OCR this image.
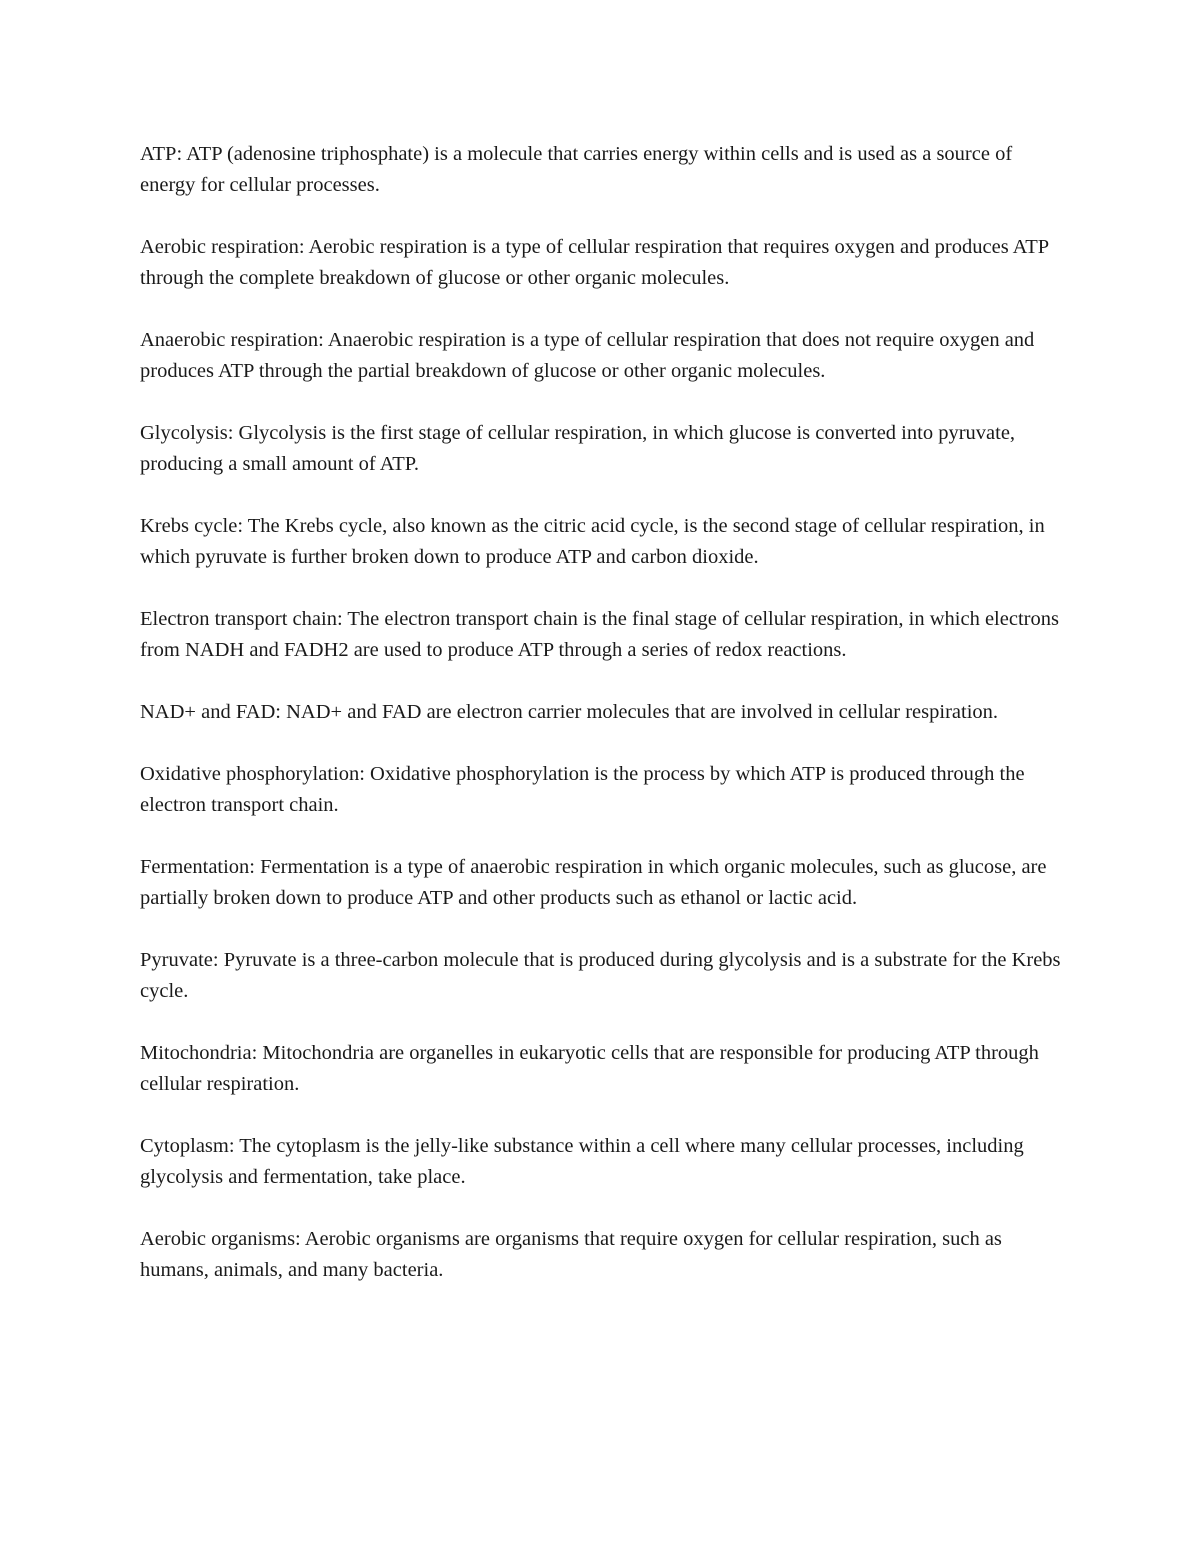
ATP: ATP (adenosine triphosphate) is a molecule that carries energy within cells and is used as a source of energy for cellular processes.

Aerobic respiration: Aerobic respiration is a type of cellular respiration that requires oxygen and produces ATP through the complete breakdown of glucose or other organic molecules.

Anaerobic respiration: Anaerobic respiration is a type of cellular respiration that does not require oxygen and produces ATP through the partial breakdown of glucose or other organic molecules.

Glycolysis: Glycolysis is the first stage of cellular respiration, in which glucose is converted into pyruvate, producing a small amount of ATP.

Krebs cycle: The Krebs cycle, also known as the citric acid cycle, is the second stage of cellular respiration, in which pyruvate is further broken down to produce ATP and carbon dioxide.

Electron transport chain: The electron transport chain is the final stage of cellular respiration, in which electrons from NADH and FADH2 are used to produce ATP through a series of redox reactions.

NAD+ and FAD: NAD+ and FAD are electron carrier molecules that are involved in cellular respiration.

Oxidative phosphorylation: Oxidative phosphorylation is the process by which ATP is produced through the electron transport chain.

Fermentation: Fermentation is a type of anaerobic respiration in which organic molecules, such as glucose, are partially broken down to produce ATP and other products such as ethanol or lactic acid.

Pyruvate: Pyruvate is a three-carbon molecule that is produced during glycolysis and is a substrate for the Krebs cycle.

Mitochondria: Mitochondria are organelles in eukaryotic cells that are responsible for producing ATP through cellular respiration.

Cytoplasm: The cytoplasm is the jelly-like substance within a cell where many cellular processes, including glycolysis and fermentation, take place.

Aerobic organisms: Aerobic organisms are organisms that require oxygen for cellular respiration, such as humans, animals, and many bacteria.
